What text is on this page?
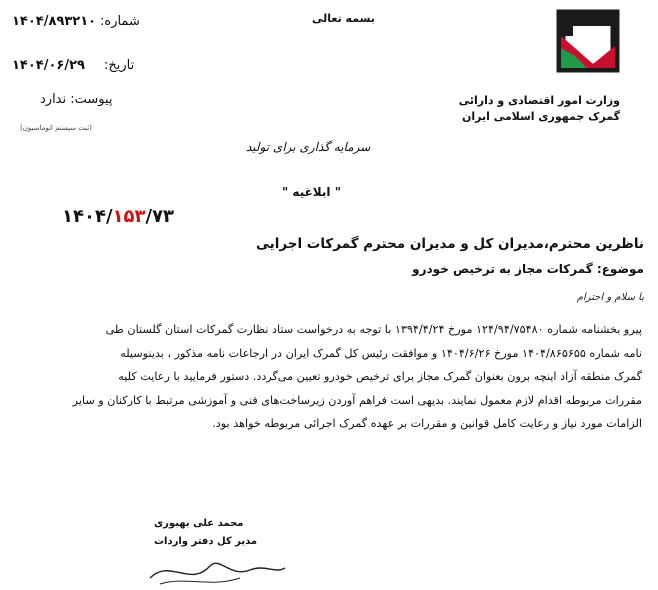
وزارت امور اقتصادی و دارائی
گمرک جمهوری اسلامی ایران
بسمه تعالی
۱۴۰۴/۸۹۳۲۱۰ شماره:
۱۴۰۴/۰۶/۲۹ تاریخ:
پیوست: ندارد
(ثبت سیستم اتوماسیون)
سرمایه گذاری برای تولید
" ابلاغیه "
۱۴۰۴/۱۵۳/۷۳
ناظرین محترم،مدیران کل و مدیران محترم گمرکات اجرایی
موضوع: گمرکات مجاز به ترخیص خودرو
با سلام و احترام

پیرو بخشنامه شماره ۱۲۴/۹۴/۷۵۴۸۰ مورخ ۱۳۹۴/۴/۲۴ با توجه به درخواست ستاد نظارت گمرکات استان گلستان طی

نامه شماره ۱۴۰۴/۸۶۵۶۵۵ مورخ ۱۴۰۴/۶/۲۶ و موافقت رئیس کل گمرک ایران در ارجاعات نامه مذکور ، بدینوسیله

گمرک منطقه آزاد اینچه برون بعنوان گمرک مجاز برای ترخیص خودرو تعیین می‌گردد. دستور فرمایید با رعایت کلیه

مقررات مربوطه اقدام لازم معمول نمایند. بدیهی است فراهم آوردن زیرساخت‌های فنی و آموزشی مرتبط با کارکنان و سایر

الزامات مورد نیاز و رعایت کامل قوانین و مقررات بر عهده گمرک اجرائی مربوطه خواهد بود.

محمد علی بهبوری
مدیر کل دفتر واردات
